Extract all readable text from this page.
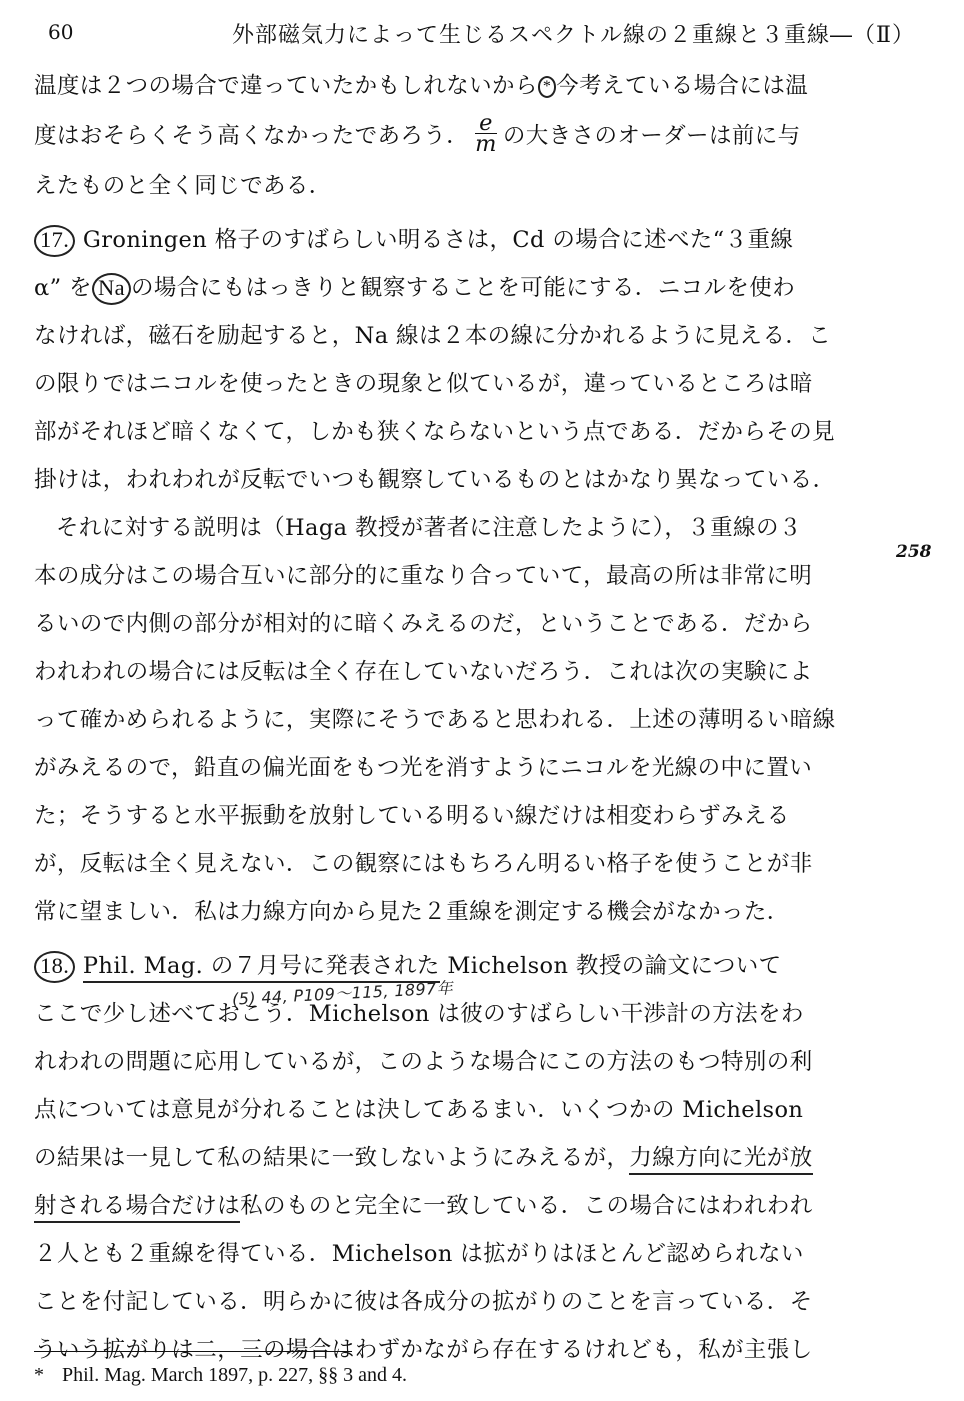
60	外部磁気力によって生じるスペクトル線の２重線と３重線―（Ⅱ）
258
温度は２つの場合で違っていたかもしれないから * 今考えている場合には温
度はおそらくそう高くなかったであろう． $\frac{e}{m}$ の大きさのオーダーは前に与
えたものと全く同じである．
17. Groningen 格子のすばらしい明るさは，Cd の場合に述べた“３重線
α” を Na の場合にもはっきりと観察することを可能にする．ニコルを使わ
なければ，磁石を励起すると，Na 線は２本の線に分かれるように見える．こ
の限りではニコルを使ったときの現象と似ているが，違っているところは暗
部がそれほど暗くなくて，しかも狭くならないという点である．だからその見
掛けは，われわれが反転でいつも観察しているものとはかなり異なっている．
それに対する説明は（Haga 教授が著者に注意したように），３重線の３
本の成分はこの場合互いに部分的に重なり合っていて，最高の所は非常に明
るいので内側の部分が相対的に暗くみえるのだ，ということである．だから
われわれの場合には反転は全く存在していないだろう．これは次の実験によ
って確かめられるように，実際にそうであると思われる．上述の薄明るい暗線
がみえるので，鉛直の偏光面をもつ光を消すようにニコルを光線の中に置い
た；そうすると水平振動を放射している明るい線だけは相変わらずみえる
が，反転は全く見えない．この観察にはもちろん明るい格子を使うことが非
常に望ましい．私は力線方向から見た２重線を測定する機会がなかった．
18. Phil. Mag. の７月号に発表された Michelson 教授の論文について
(5) 44, P109～115, 1897年
ここで少し述べておこう．Michelson は彼のすばらしい干渉計の方法をわ
れわれの問題に応用しているが，このような場合にこの方法のもつ特別の利
点については意見が分れることは決してあるまい．いくつかの Michelson
の結果は一見して私の結果に一致しないようにみえるが，力線方向に光が放
射される場合だけは私のものと完全に一致している．この場合にはわれわれ
２人とも２重線を得ている．Michelson は拡がりはほとんど認められない
ことを付記している．明らかに彼は各成分の拡がりのことを言っている．そ
ういう拡がりは二，三の場合はわずかながら存在するけれども，私が主張し
* Phil. Mag. March 1897, p. 227, §§ 3 and 4.
